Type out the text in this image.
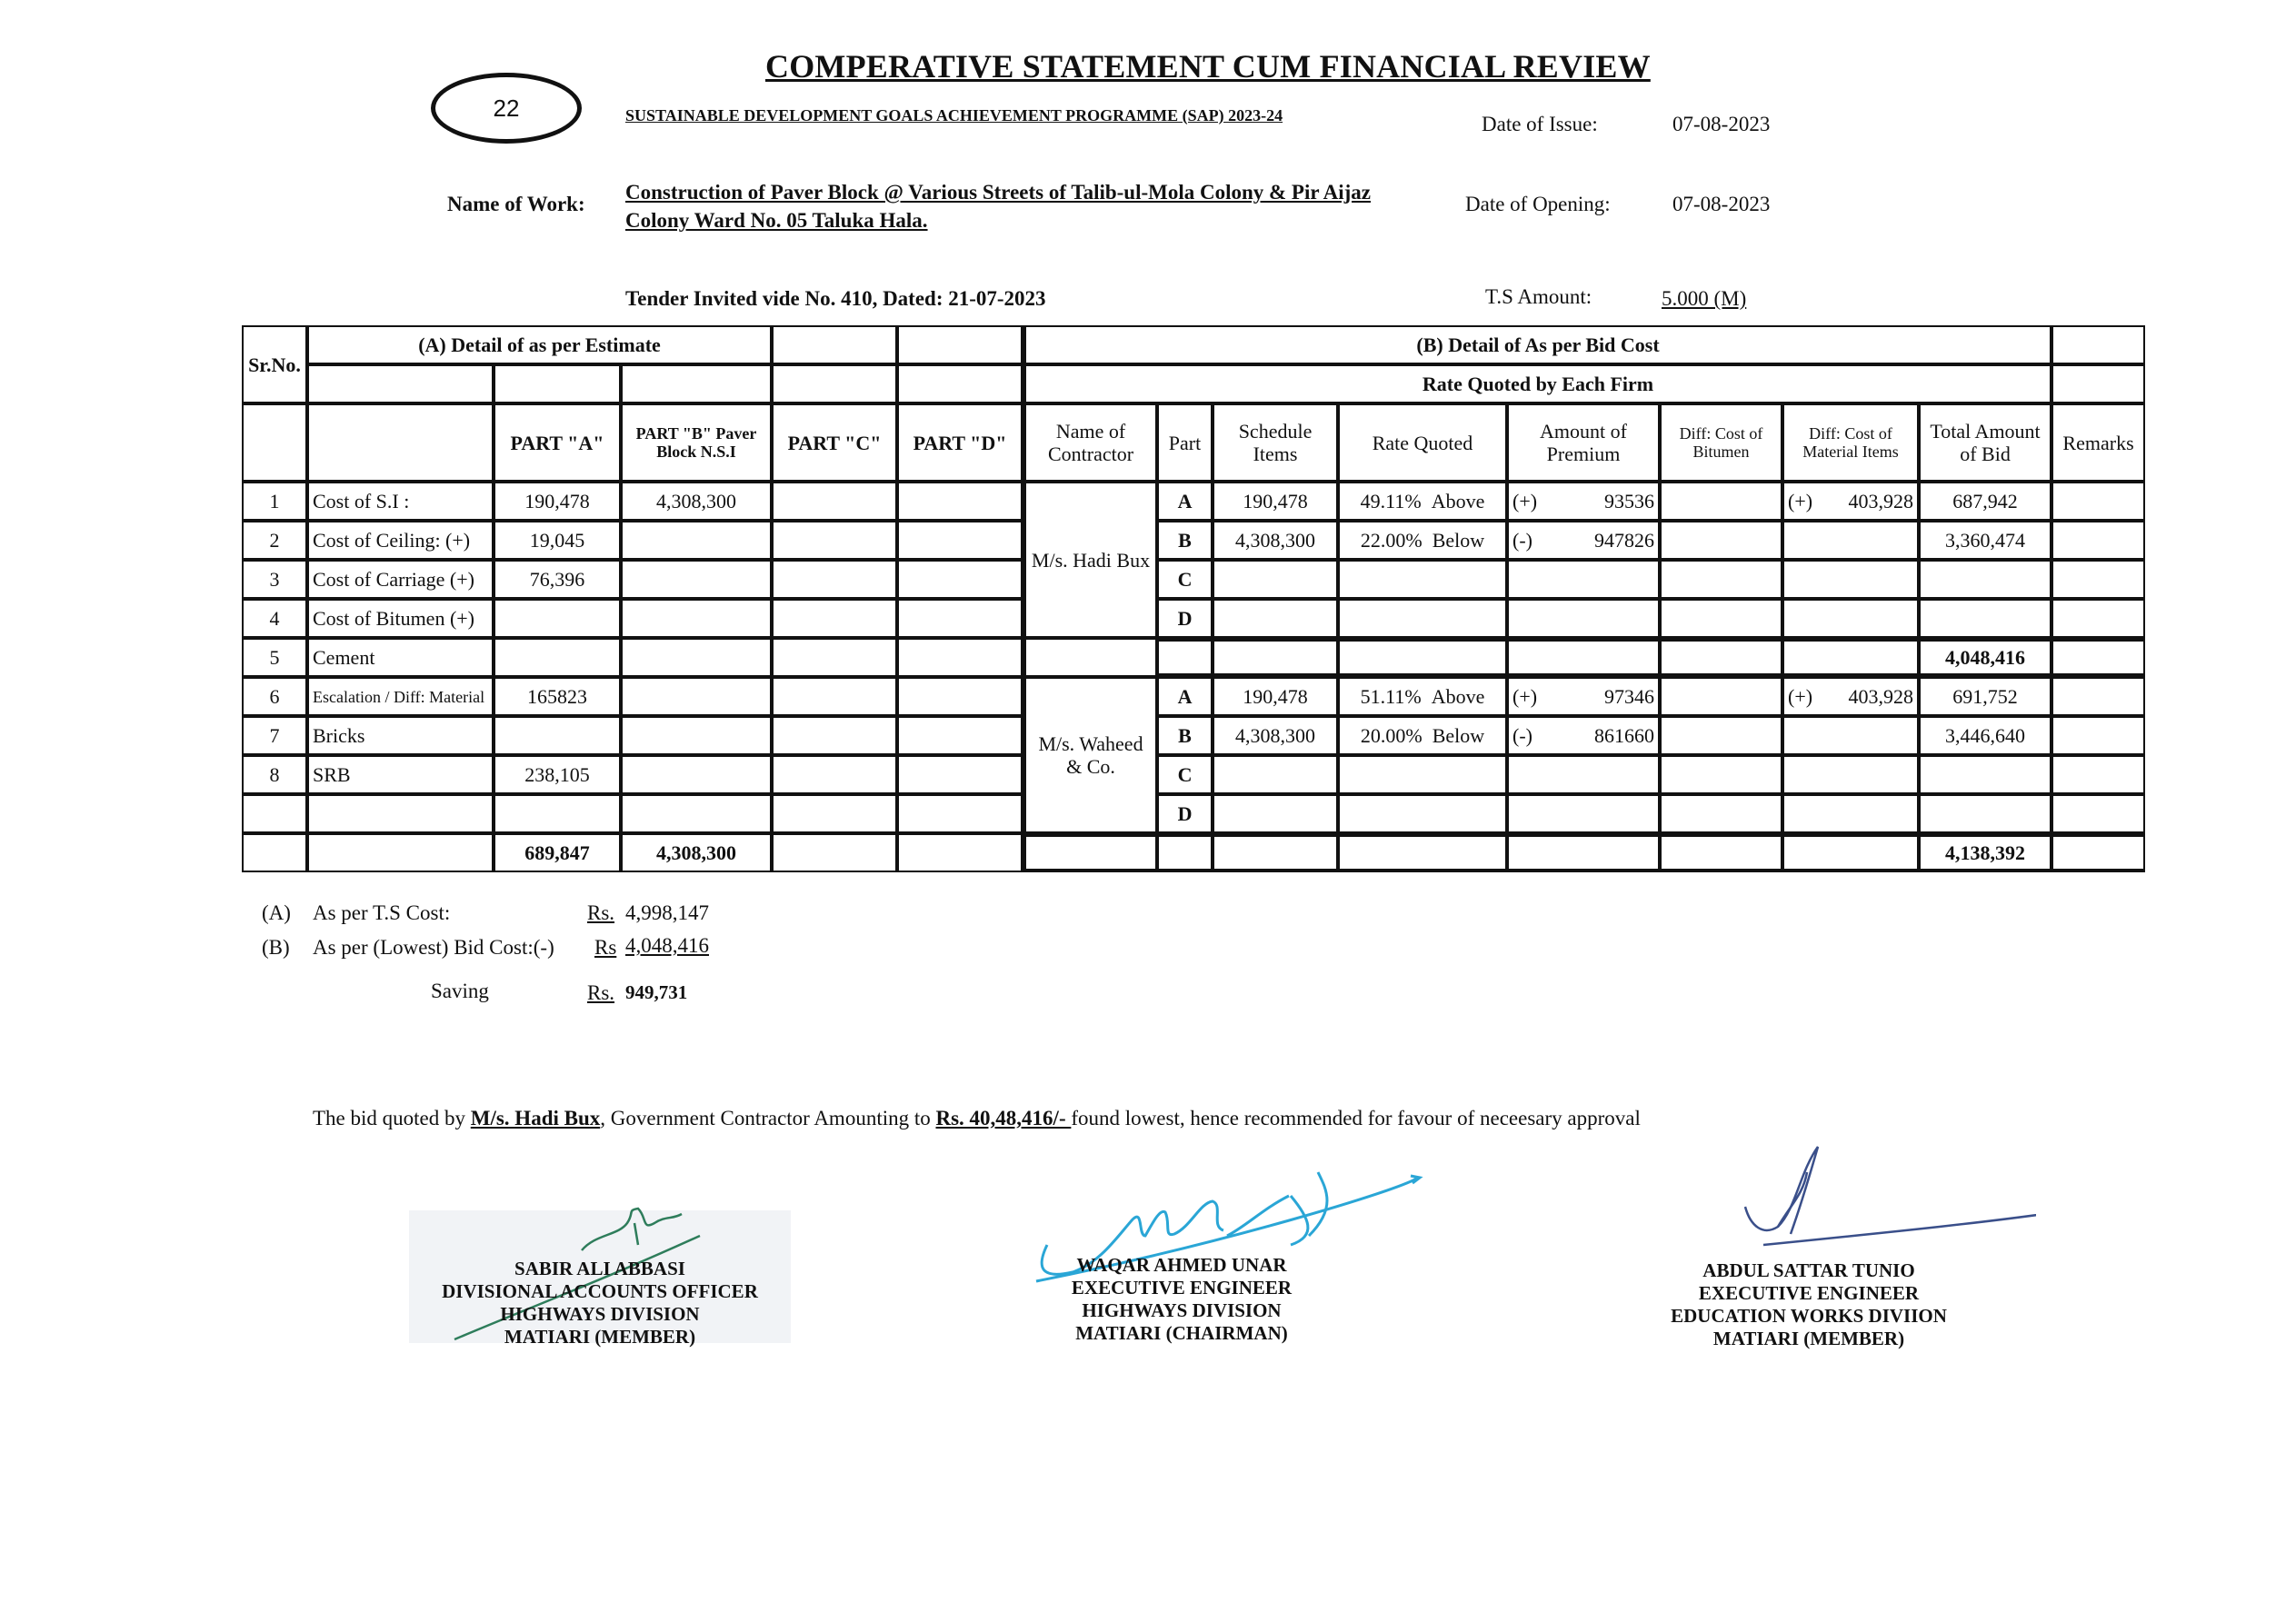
COMPERATIVE STATEMENT CUM FINANCIAL REVIEW
22	SUSTAINABLE DEVELOPMENT GOALS ACHIEVEMENT PROGRAMME (SAP) 2023-24	Date of Issue:	07-08-2023
Name of Work:
Construction of Paver Block @ Various Streets of Talib-ul-Mola Colony & Pir Aijaz Colony Ward No. 05 Taluka Hala.
Date of Opening:	07-08-2023
Tender Invited vide No. 410, Dated: 21-07-2023	T.S Amount:	5.000 (M)
Sr.No.	(A) Detail of as per Estimate					(B) Detail of As per Bid Cost								
						Rate Quoted by Each Firm								
		PART "A"	PART "B" Paver Block N.S.I	PART "C"	PART "D"	Name of Contractor	Part	Schedule Items	Rate Quoted	Amount of Premium	Diff: Cost of Bitumen	Diff: Cost of Material Items	Total Amount of Bid	Remarks
1	Cost of S.I :	190,478	4,308,300			M/s. Hadi Bux	A	190,478	49.11% Above	(+) 93536		(+) 403,928	687,942	
2	Cost of Ceiling: (+)	19,045					B	4,308,300	22.00% Below	(-) 947826			3,360,474	
3	Cost of Carriage (+)	76,396					C							
4	Cost of Bitumen (+)						D							
5	Cement												4,048,416	
6	Escalation / Diff: Material	165823				M/s. Waheed & Co.	A	190,478	51.11% Above	(+) 97346		(+) 403,928	691,752	
7	Bricks						B	4,308,300	20.00% Below	(-) 861660			3,446,640	
8	SRB	238,105					C							
							D							
		689,847	4,308,300										4,138,392	
(A) As per T.S Cost:	Rs. 4,998,147
(B) As per (Lowest) Bid Cost:(-) Rs 4,048,416
Saving	Rs. 949,731
The bid quoted by M/s. Hadi Bux, Government Contractor Amounting to Rs. 40,48,416/- found lowest, hence recommended for favour of neceesary approval
SABIR ALI ABBASI
DIVISIONAL ACCOUNTS OFFICER
HIGHWAYS DIVISION
MATIARI (MEMBER)
WAQAR AHMED UNAR
EXECUTIVE ENGINEER
HIGHWAYS DIVISION
MATIARI (CHAIRMAN)
ABDUL SATTAR TUNIO
EXECUTIVE ENGINEER
EDUCATION WORKS DIVIION
MATIARI (MEMBER)
